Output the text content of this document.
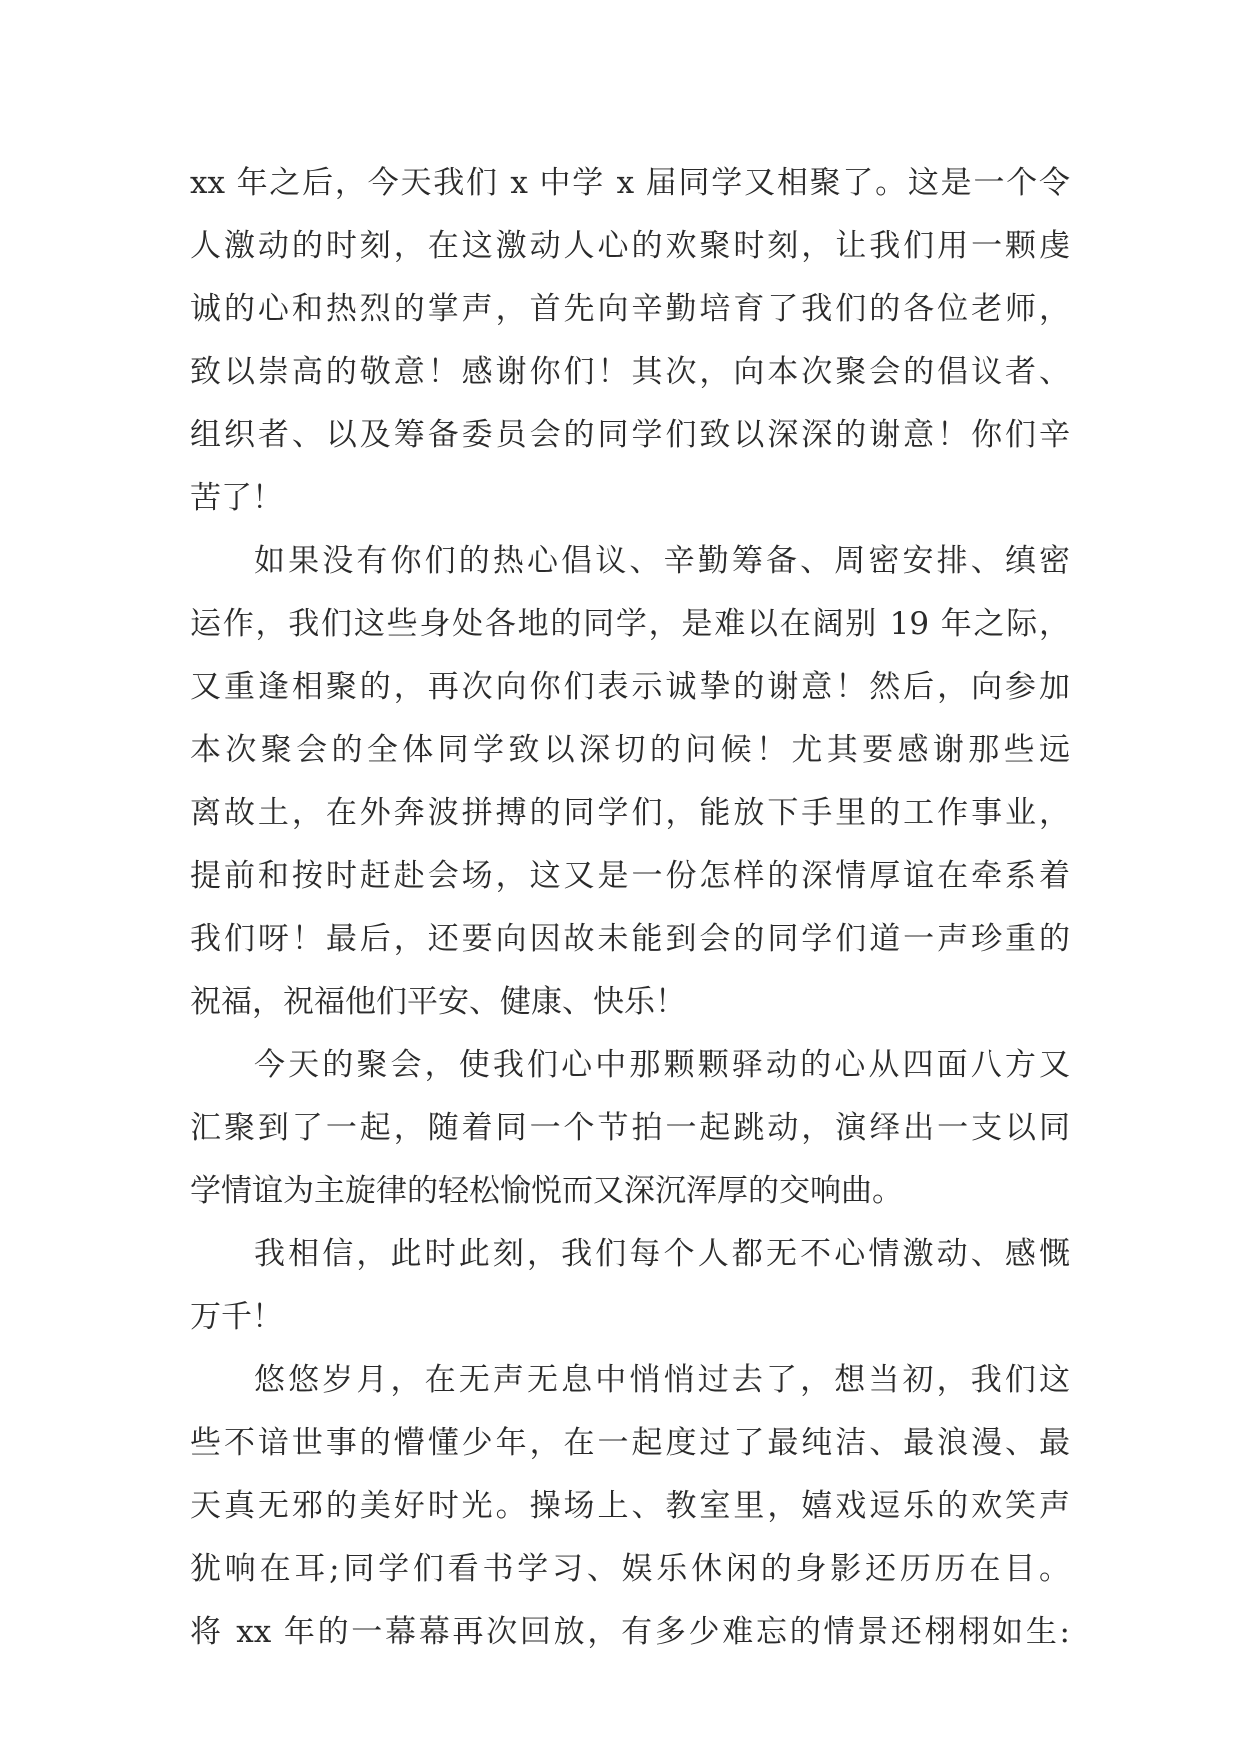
xx 年之后，今天我们 x 中学 x 届同学又相聚了。这是一个令
人激动的时刻，在这激动人心的欢聚时刻，让我们用一颗虔
诚的心和热烈的掌声，首先向辛勤培育了我们的各位老师，
致以崇高的敬意！感谢你们！其次，向本次聚会的倡议者、
组织者、以及筹备委员会的同学们致以深深的谢意！你们辛
苦了！
如果没有你们的热心倡议、辛勤筹备、周密安排、缜密
运作，我们这些身处各地的同学，是难以在阔别 19 年之际，
又重逢相聚的，再次向你们表示诚挚的谢意！然后，向参加
本次聚会的全体同学致以深切的问候！尤其要感谢那些远
离故土，在外奔波拼搏的同学们，能放下手里的工作事业，
提前和按时赶赴会场，这又是一份怎样的深情厚谊在牵系着
我们呀！最后，还要向因故未能到会的同学们道一声珍重的
祝福，祝福他们平安、健康、快乐！
今天的聚会，使我们心中那颗颗驿动的心从四面八方又
汇聚到了一起，随着同一个节拍一起跳动，演绎出一支以同
学情谊为主旋律的轻松愉悦而又深沉浑厚的交响曲。
我相信，此时此刻，我们每个人都无不心情激动、感慨
万千！
悠悠岁月，在无声无息中悄悄过去了，想当初，我们这
些不谙世事的懵懂少年，在一起度过了最纯洁、最浪漫、最
天真无邪的美好时光。操场上、教室里，嬉戏逗乐的欢笑声
犹响在耳;同学们看书学习、娱乐休闲的身影还历历在目。
将 xx 年的一幕幕再次回放，有多少难忘的情景还栩栩如生:
